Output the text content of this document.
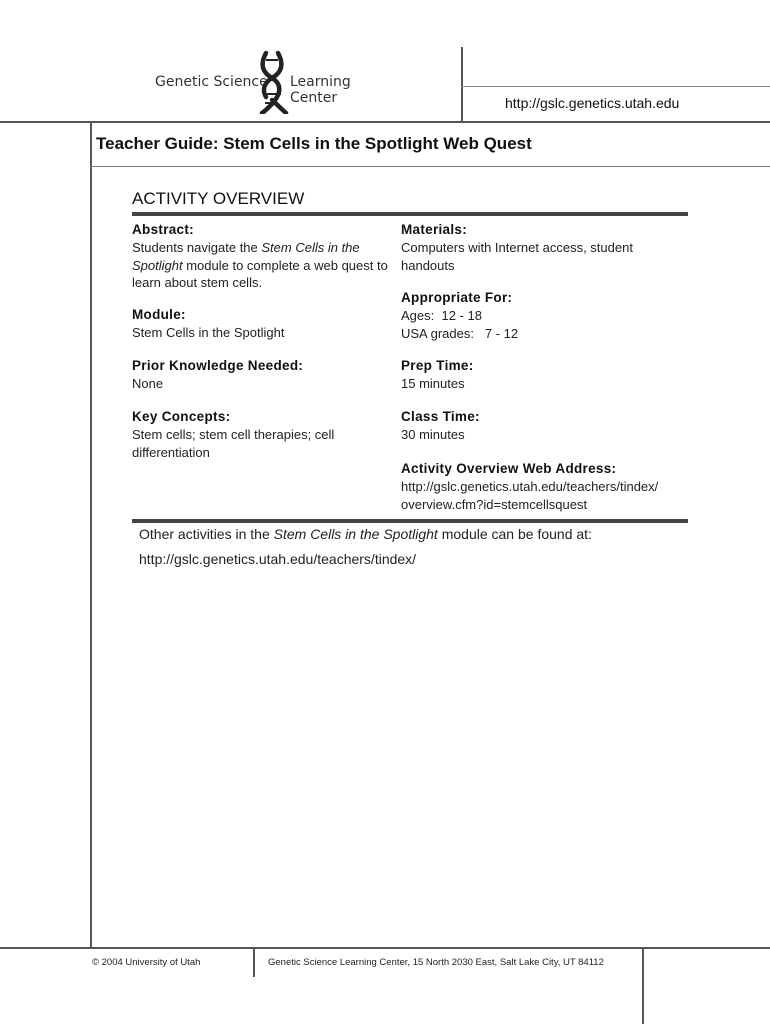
Genetic Science Learning Center	http://gslc.genetics.utah.edu
Teacher Guide: Stem Cells in the Spotlight Web Quest
ACTIVITY OVERVIEW
Abstract:
Students navigate the Stem Cells in the Spotlight module to complete a web quest to learn about stem cells.
Module:
Stem Cells in the Spotlight
Prior Knowledge Needed:
None
Key Concepts:
Stem cells; stem cell therapies; cell differentiation
Materials:
Computers with Internet access, student handouts
Appropriate For:
Ages:  12 - 18
USA grades:   7 - 12
Prep Time:
15 minutes
Class Time:
30 minutes
Activity Overview Web Address:
http://gslc.genetics.utah.edu/teachers/tindex/
overview.cfm?id=stemcellsquest
Other activities in the Stem Cells in the Spotlight module can be found at:
http://gslc.genetics.utah.edu/teachers/tindex/
© 2004 University of Utah	Genetic Science Learning Center, 15 North 2030 East, Salt Lake City, UT 84112
